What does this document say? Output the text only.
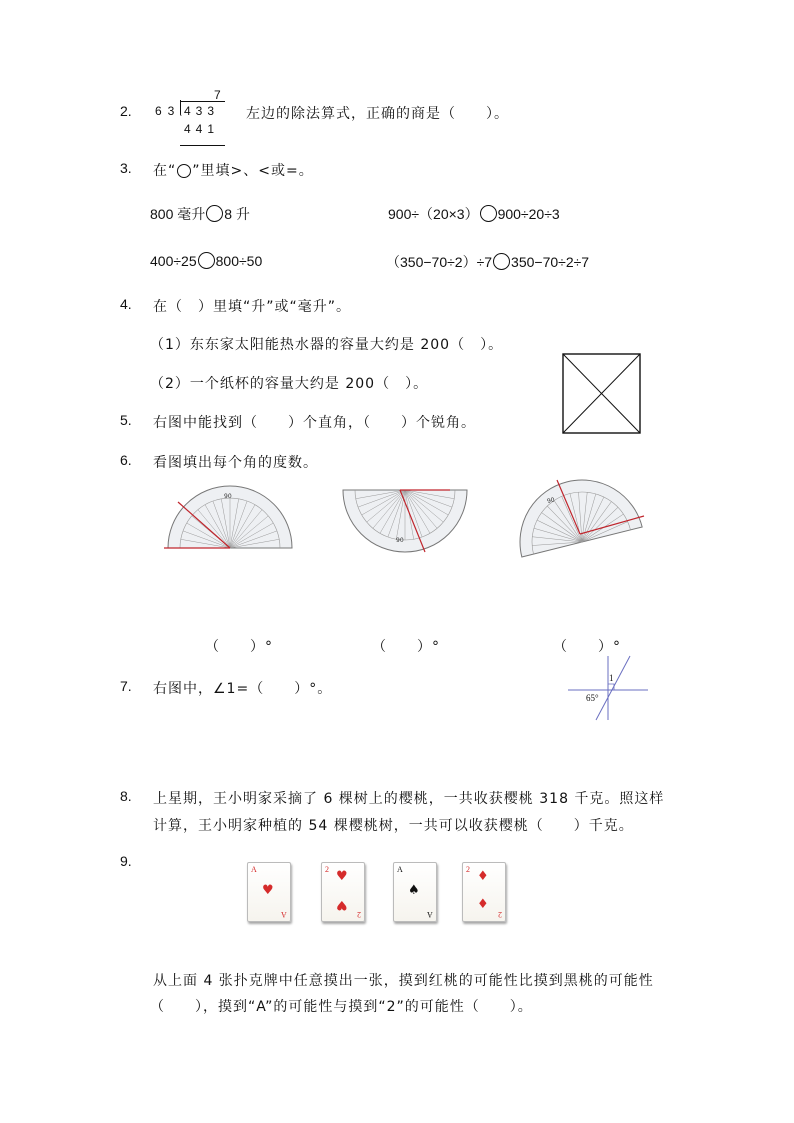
2.
7
63 433
441
左边的除法算式，正确的商是（　　）。
3. 在“ ”里填>、<或=。
800 毫升 8 升	900÷（20×3） 900÷20÷3
400÷25 800÷50	（350−70÷2）÷7 350−70÷2÷7
4. 在（　）里填“升”或“毫升”。
（1）东东家太阳能热水器的容量大约是 200（　）。
（2）一个纸杯的容量大约是 200（　）。
5. 右图中能找到（　　）个直角，（　　）个锐角。
6. 看图填出每个角的度数。
90
90
90
（　　）°	（　　）°	（　　）°
7. 右图中，∠1=（　　）°。
1
65°
8. 上星期，王小明家采摘了 6 棵树上的樱桃，一共收获樱桃 318 千克。照这样
计算，王小明家种植的 54 棵樱桃树，一共可以收获樱桃（　　）千克。
9.
A
♥
A
2 ♥
♥
2
A
♠
A
2 ♦
♦
2
从上面 4 张扑克牌中任意摸出一张，摸到红桃的可能性比摸到黑桃的可能性
（　　），摸到“A”的可能性与摸到“2”的可能性（　　）。
